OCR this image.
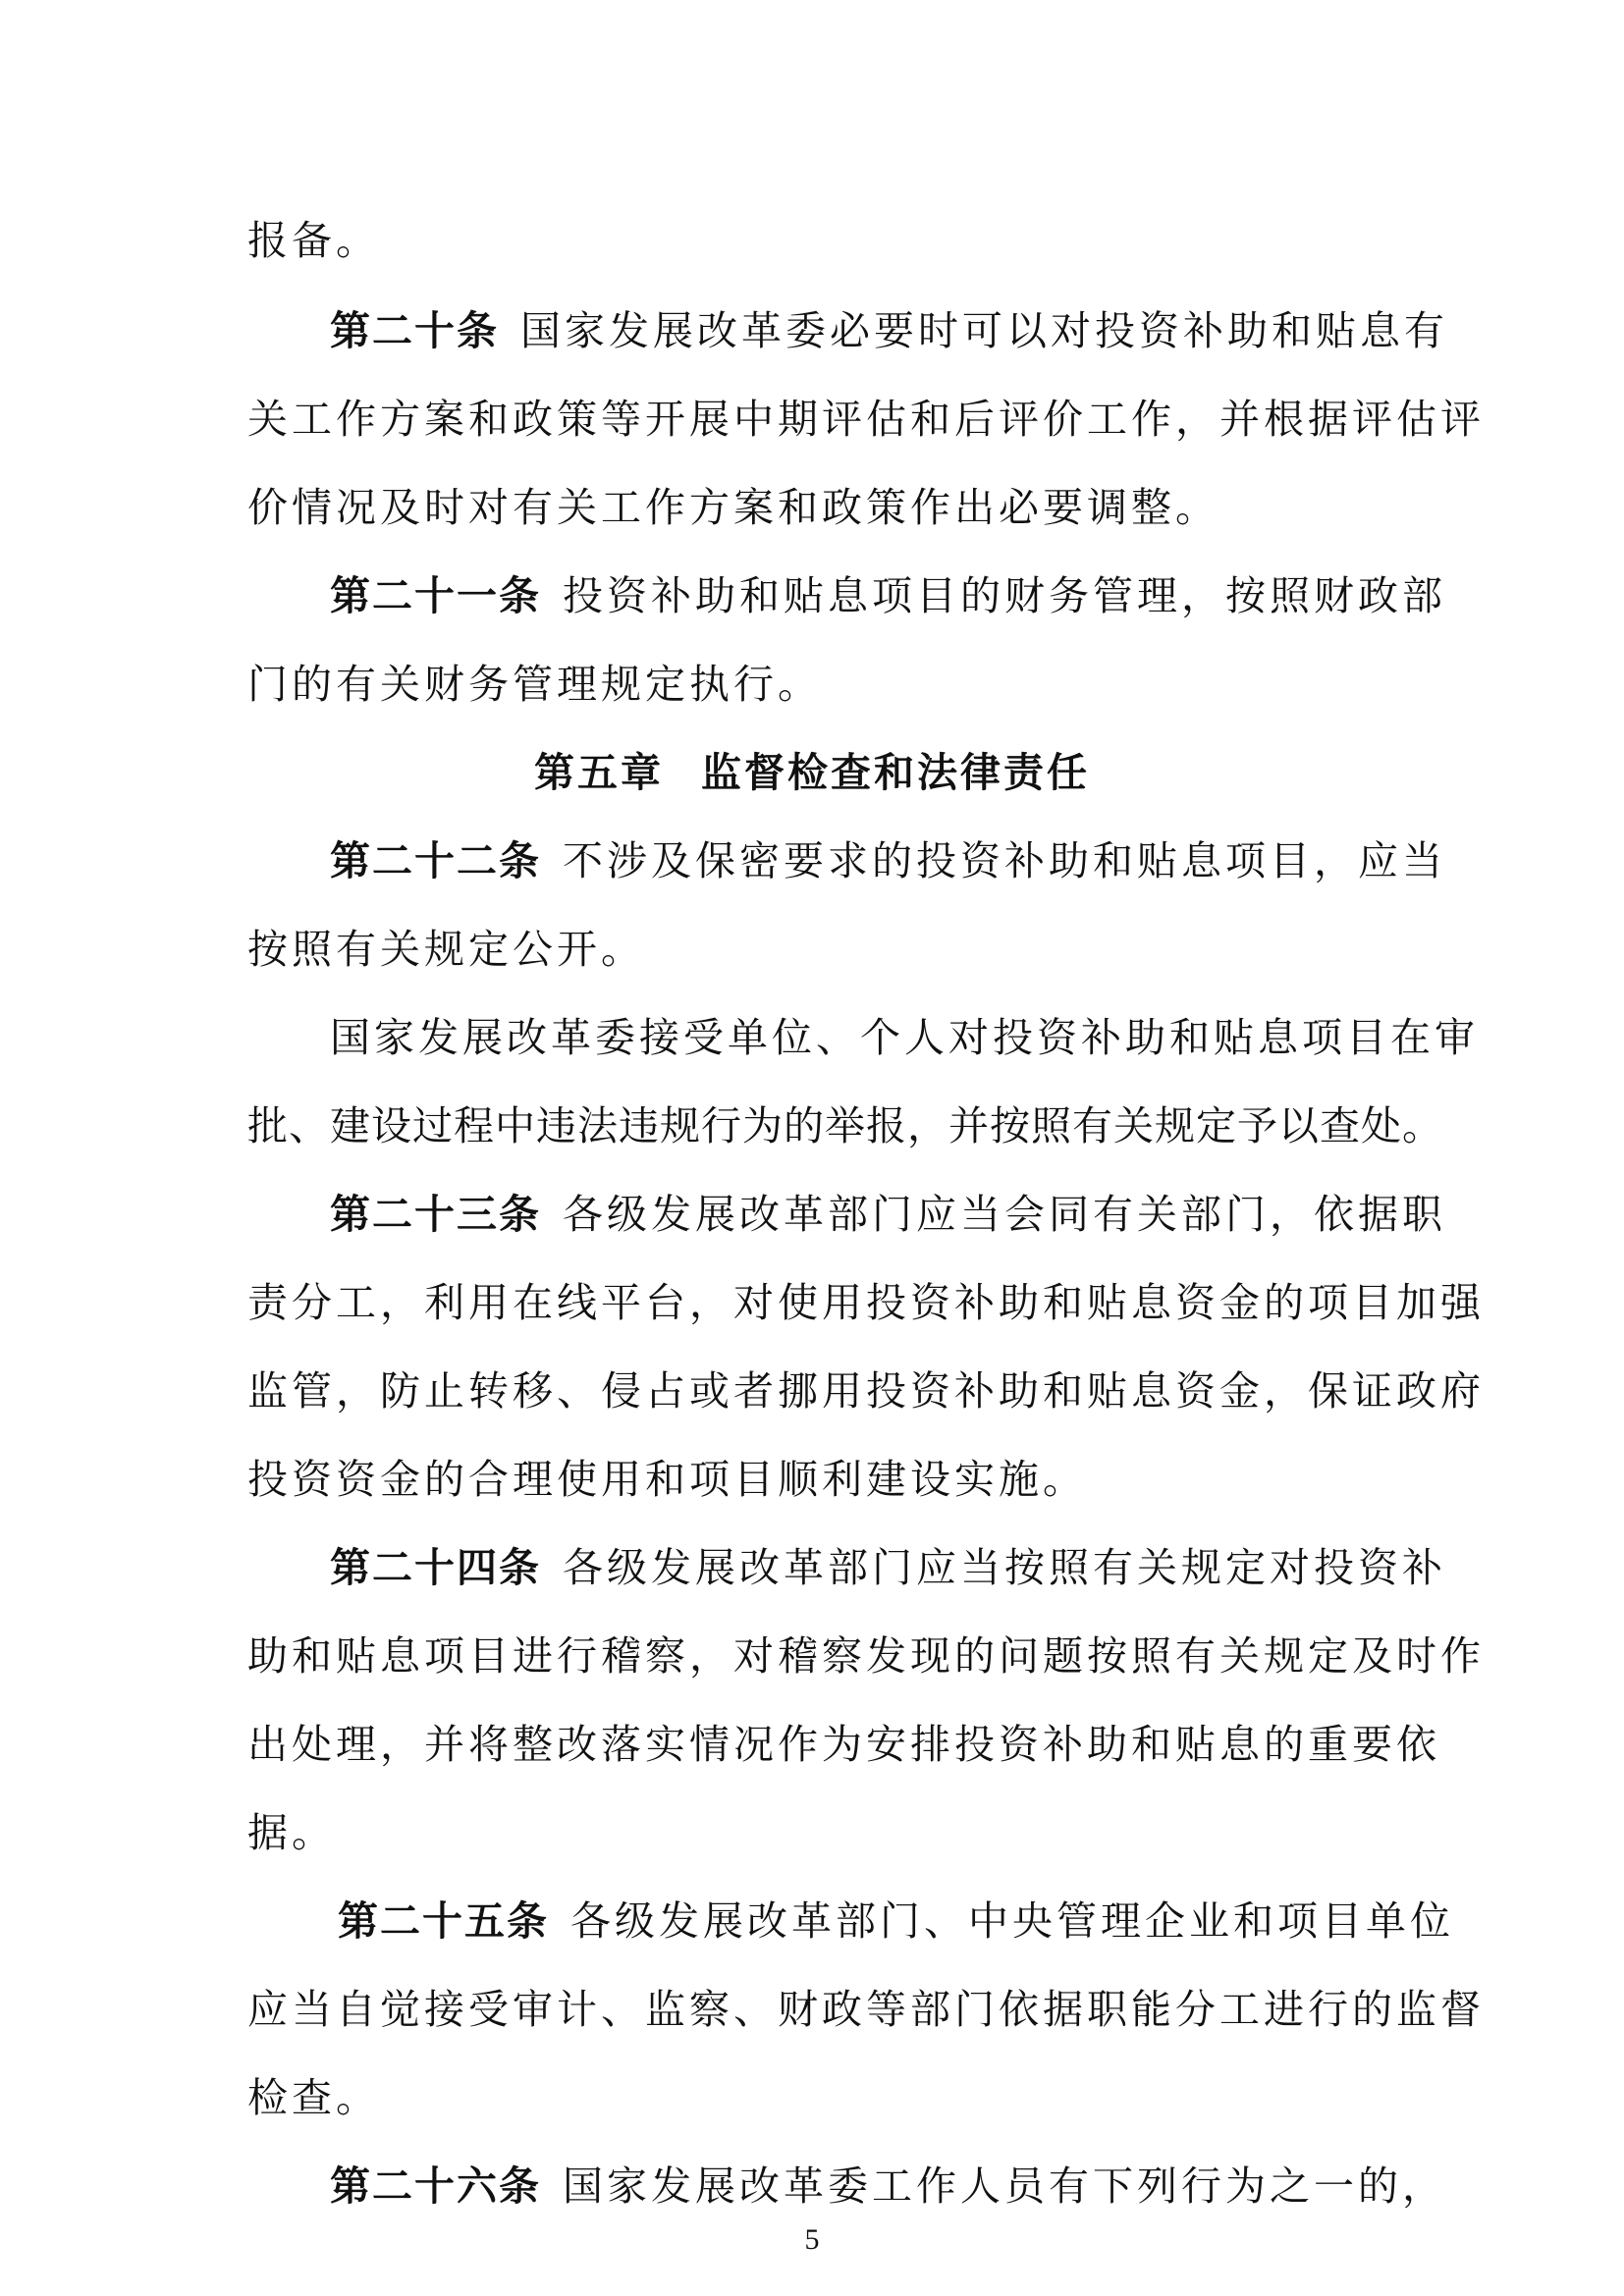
报备。
第二十条 国家发展改革委必要时可以对投资补助和贴息有
关工作方案和政策等开展中期评估和后评价工作，并根据评估评
价情况及时对有关工作方案和政策作出必要调整。
第二十一条 投资补助和贴息项目的财务管理，按照财政部
门的有关财务管理规定执行。
第五章 监督检查和法律责任
第二十二条 不涉及保密要求的投资补助和贴息项目，应当
按照有关规定公开。
国家发展改革委接受单位、个人对投资补助和贴息项目在审
批、建设过程中违法违规行为的举报，并按照有关规定予以查处。
第二十三条 各级发展改革部门应当会同有关部门，依据职
责分工，利用在线平台，对使用投资补助和贴息资金的项目加强
监管，防止转移、侵占或者挪用投资补助和贴息资金，保证政府
投资资金的合理使用和项目顺利建设实施。
第二十四条 各级发展改革部门应当按照有关规定对投资补
助和贴息项目进行稽察，对稽察发现的问题按照有关规定及时作
出处理，并将整改落实情况作为安排投资补助和贴息的重要依
据。
第二十五条 各级发展改革部门、中央管理企业和项目单位
应当自觉接受审计、监察、财政等部门依据职能分工进行的监督
检查。
第二十六条 国家发展改革委工作人员有下列行为之一的，
5
